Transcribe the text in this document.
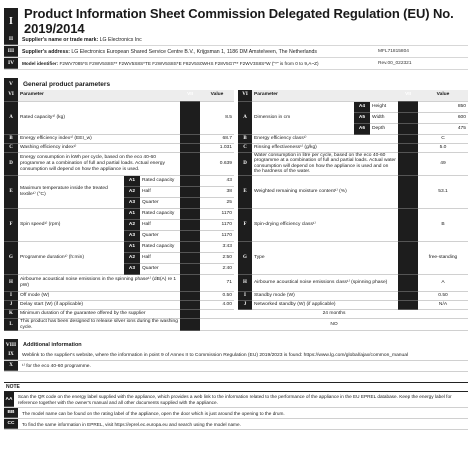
I Product Information Sheet Commission Delegated Regulation (EU) No. 2019/2014
II	Supplier's name or trade mark: LG Electronics Inc
III	Supplier's address: LG Electronics European Shared Service Centre B.V., Krijgsman 1, 1186 DM Amstelveen, The Netherlands	MFL71815804
IV	Model identifier: F2WV7085*S F2WV5S8S** F2WV5S8S*TE F2WV5S8S*E F82V5S0WHS F28V5G7** F2WV3S8S*W ("*" is from 0 to 9,A~Z)	Rev.00_022321
V	General product parameters
VI	Parameter			VII	Value		VI	Parameter			VII	Value
A	Rated capacity¹⁾ (kg)				8.5		A	Dimension in cm	A4	Height		850
									A5	Width		600
									A6	Depth		475
B	Energy efficiency index¹⁾ (EEI_w)				68.7		B	Energy efficiency class¹⁾				C
C	Washing efficiency index¹⁾				1.031		C	Rinsing effectiveness¹⁾ (g/kg)				5.0
D	Energy consumption in kWh per cycle, based on the eco 40-60 programme at a combination of full and partial loads. Actual energy consumption will depend on how the appliance is used.				0.639		D	Water consumption in litre per cycle, based on the eco 40-60 programme at a combination of full and partial loads. Actual water consumption will depend on how the appliance is used and on the hardness of the water.				49
E	Maximum temperature inside the treated textile¹⁾ (°C)	A1	Rated capacity		43		E	Weighted remaining moisture content¹⁾ (%)				53.1
		A2	Half		38							
		A3	Quarter		25							
F	Spin speed¹⁾ (rpm)	A1	Rated capacity		1170		F	Spin-drying efficiency class¹⁾				B
		A2	Half		1170							
		A3	Quarter		1170							
G	Programme duration¹⁾ (h:min)	A1	Rated capacity		3:43		G	Type				free-standing
		A2	Half		2:50							
		A3	Quarter		2:40							
H	Airbourne acoustical noise emissions in the spinning phase¹⁾ (dB(A) re 1 pW)				71		H	Airbourne acoustical noise emissions class¹⁾ (spinning phase)				A
I	Off mode (W)				0.50		I	Standby mode (W)				0.50
J	Delay start (W) (if applicable)				4.00		J	Networked standby (W) (if applicable)				N/A
K	Minimum duration of the guarantee offered by the supplier				24 months							
L	This product has been designed to release silver ions during the washing cycle.				NO							
VIII	Additional information
IX	Weblink to the supplier's website, where the information in point 9 of Annex II to Commission Regulation (EU) 2019/2023 is found: https://www.lg.com/global/ajax/common_manual
X	¹⁾ for the eco 40-60 programme.
NOTE
AA
Scan the QR code on the energy label supplied with the appliance, which provides a web link to the information related to the performance of the appliance in the EU EPREL database. Keep the energy label for reference together with the owner's manual and all other documents supplied with the appliance.
BB	The model name can be found on the rating label of the appliance, open the door which is just around the opening to the drum.
CC	To find the same information in EPREL, visit https://eprel.ec.europa.eu and search using the model name.
